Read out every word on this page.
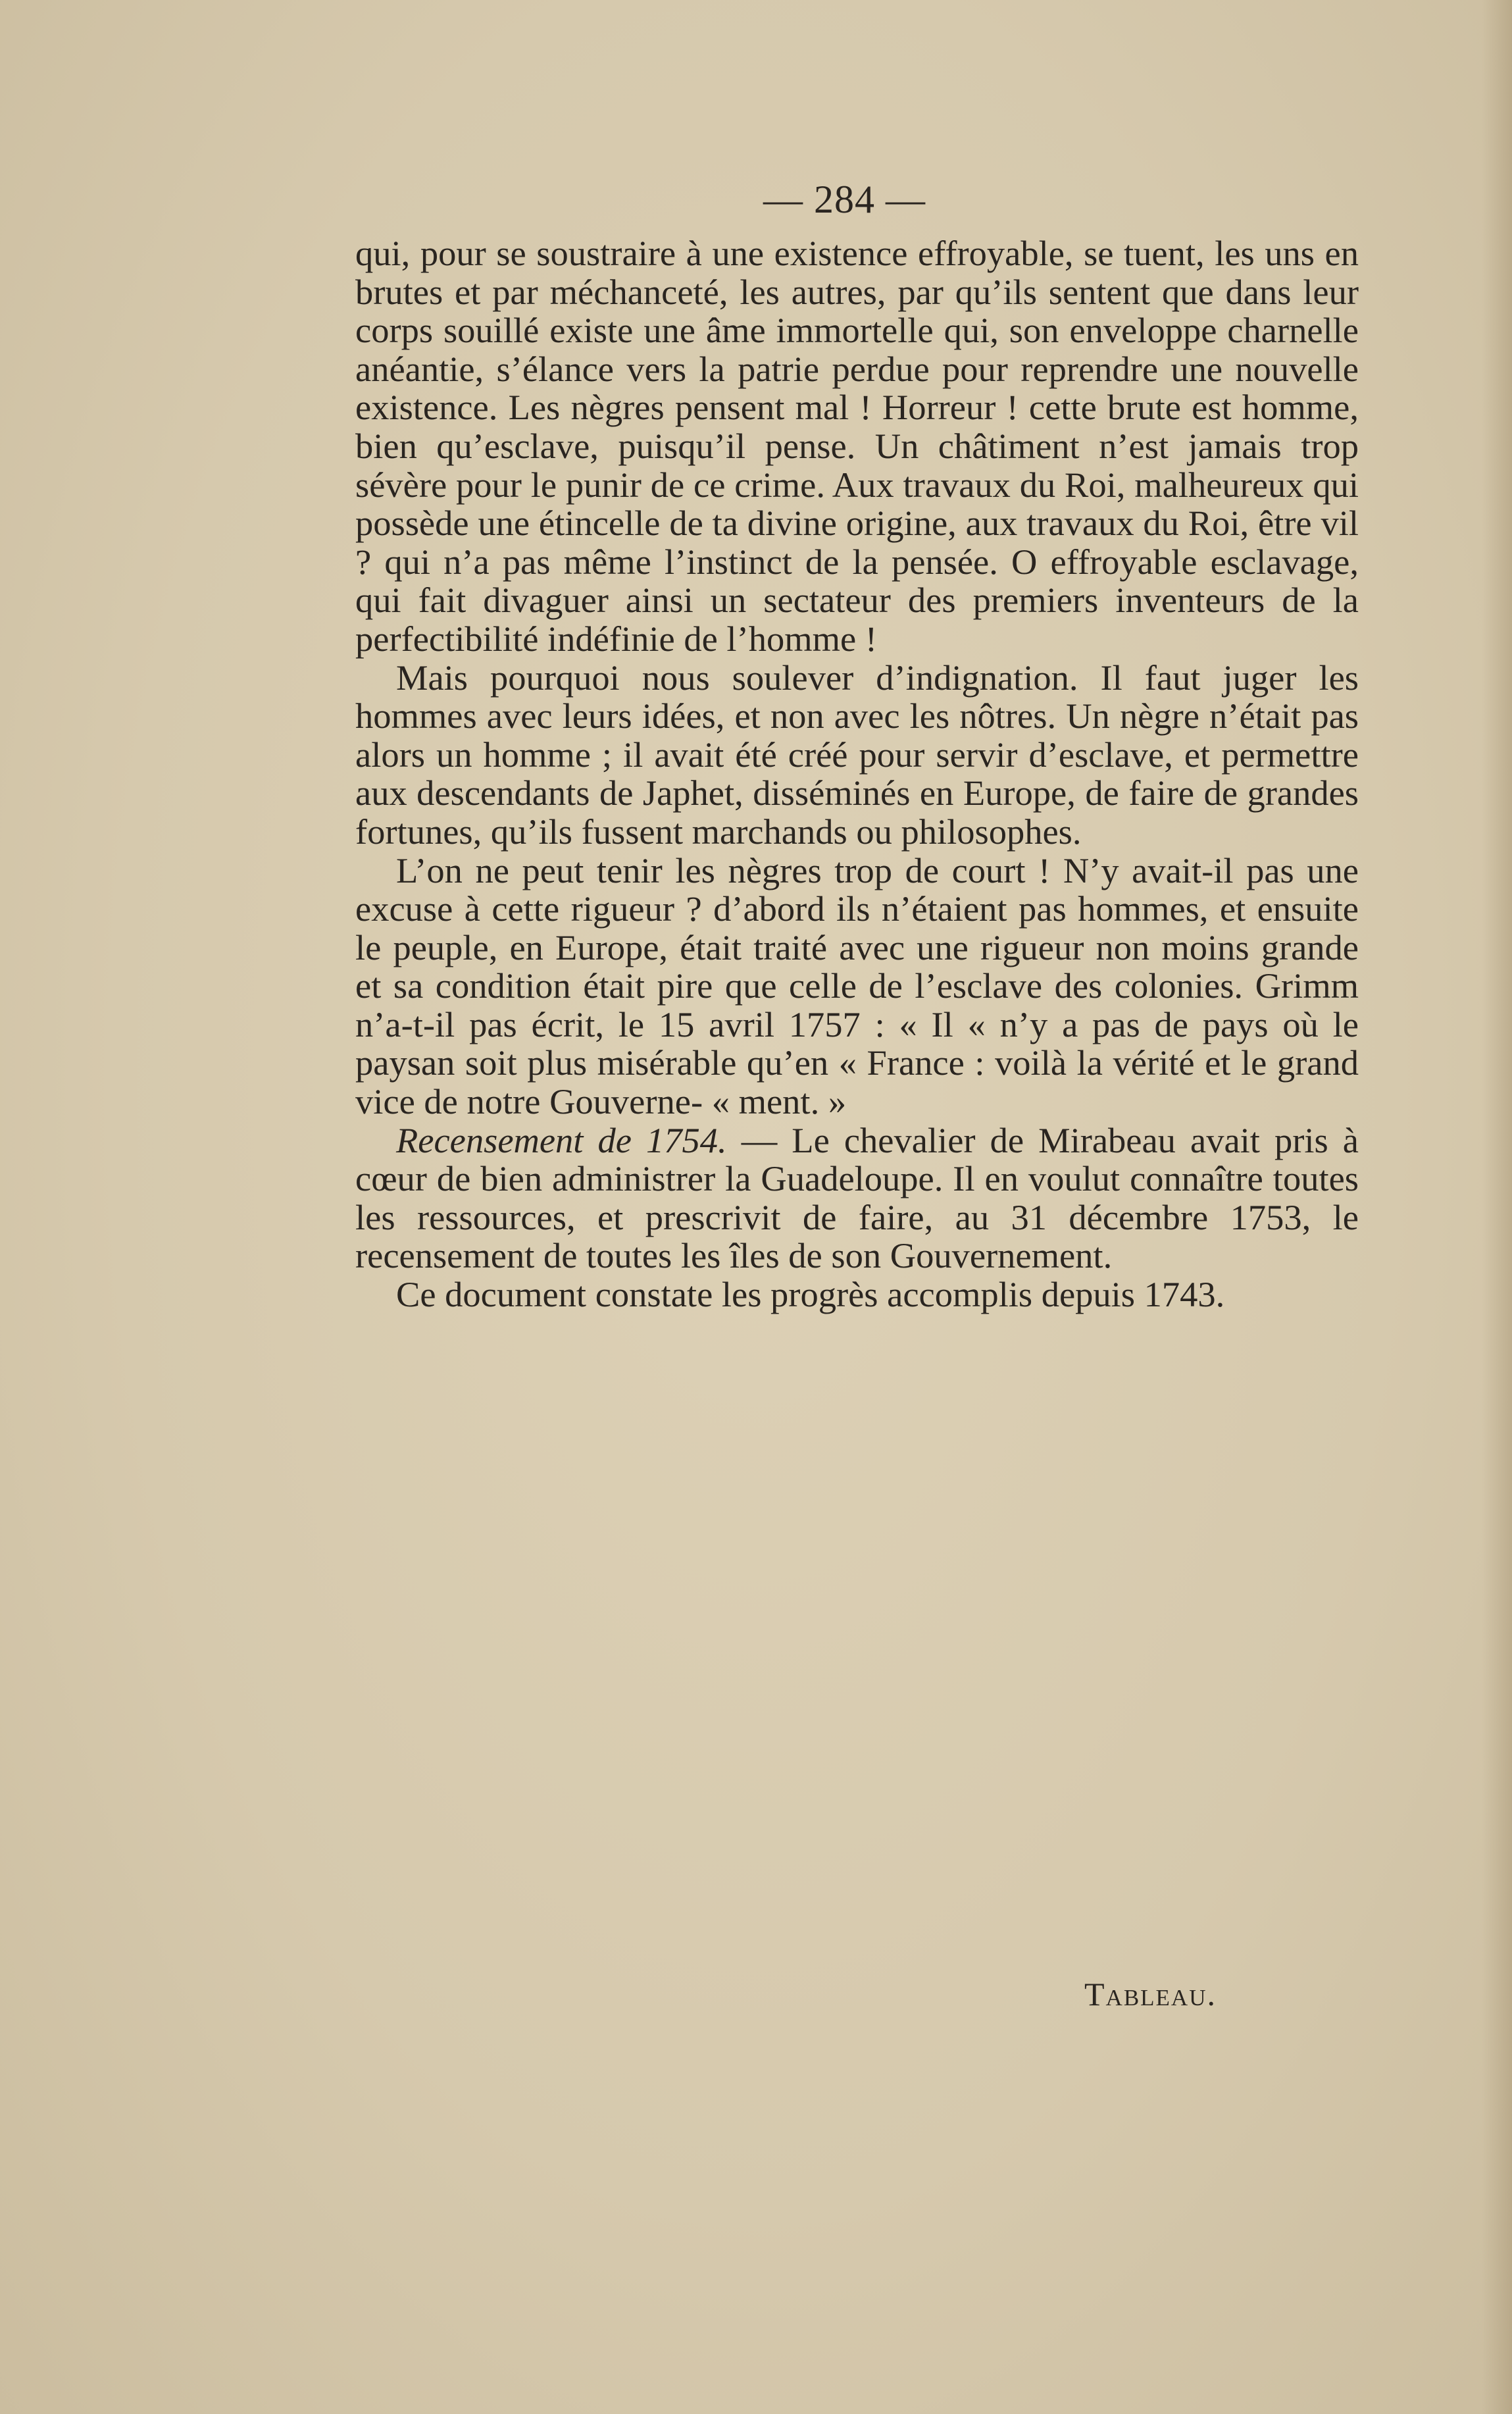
— 284 —

qui, pour se soustraire à une existence effroyable, se tuent, les uns en brutes et par méchanceté, les autres, par qu’ils sentent que dans leur corps souillé existe une âme immortelle qui, son enveloppe charnelle anéantie, s’élance vers la patrie perdue pour reprendre une nouvelle existence. Les nègres pensent mal ! Horreur ! cette brute est homme, bien qu’esclave, puisqu’il pense. Un châtiment n’est jamais trop sévère pour le punir de ce crime. Aux travaux du Roi, malheureux qui possède une étincelle de ta divine origine, aux travaux du Roi, être vil ? qui n’a pas même l’instinct de la pensée. O effroyable esclavage, qui fait divaguer ainsi un sectateur des premiers inventeurs de la perfectibilité indéfinie de l’homme !

Mais pourquoi nous soulever d’indignation. Il faut juger les hommes avec leurs idées, et non avec les nôtres. Un nègre n’était pas alors un homme ; il avait été créé pour servir d’esclave, et permettre aux descendants de Japhet, disséminés en Europe, de faire de grandes fortunes, qu’ils fussent marchands ou philosophes.

L’on ne peut tenir les nègres trop de court ! N’y avait-il pas une excuse à cette rigueur ? d’abord ils n’étaient pas hommes, et ensuite le peuple, en Europe, était traité avec une rigueur non moins grande et sa condition était pire que celle de l’esclave des colonies. Grimm n’a-t-il pas écrit, le 15 avril 1757 : « Il « n’y a pas de pays où le paysan soit plus misérable qu’en « France : voilà la vérité et le grand vice de notre Gouverne- « ment. »

Recensement de 1754. — Le chevalier de Mirabeau avait pris à cœur de bien administrer la Guadeloupe. Il en voulut connaître toutes les ressources, et prescrivit de faire, au 31 décembre 1753, le recensement de toutes les îles de son Gouvernement.

Ce document constate les progrès accomplis depuis 1743.

Tableau.
